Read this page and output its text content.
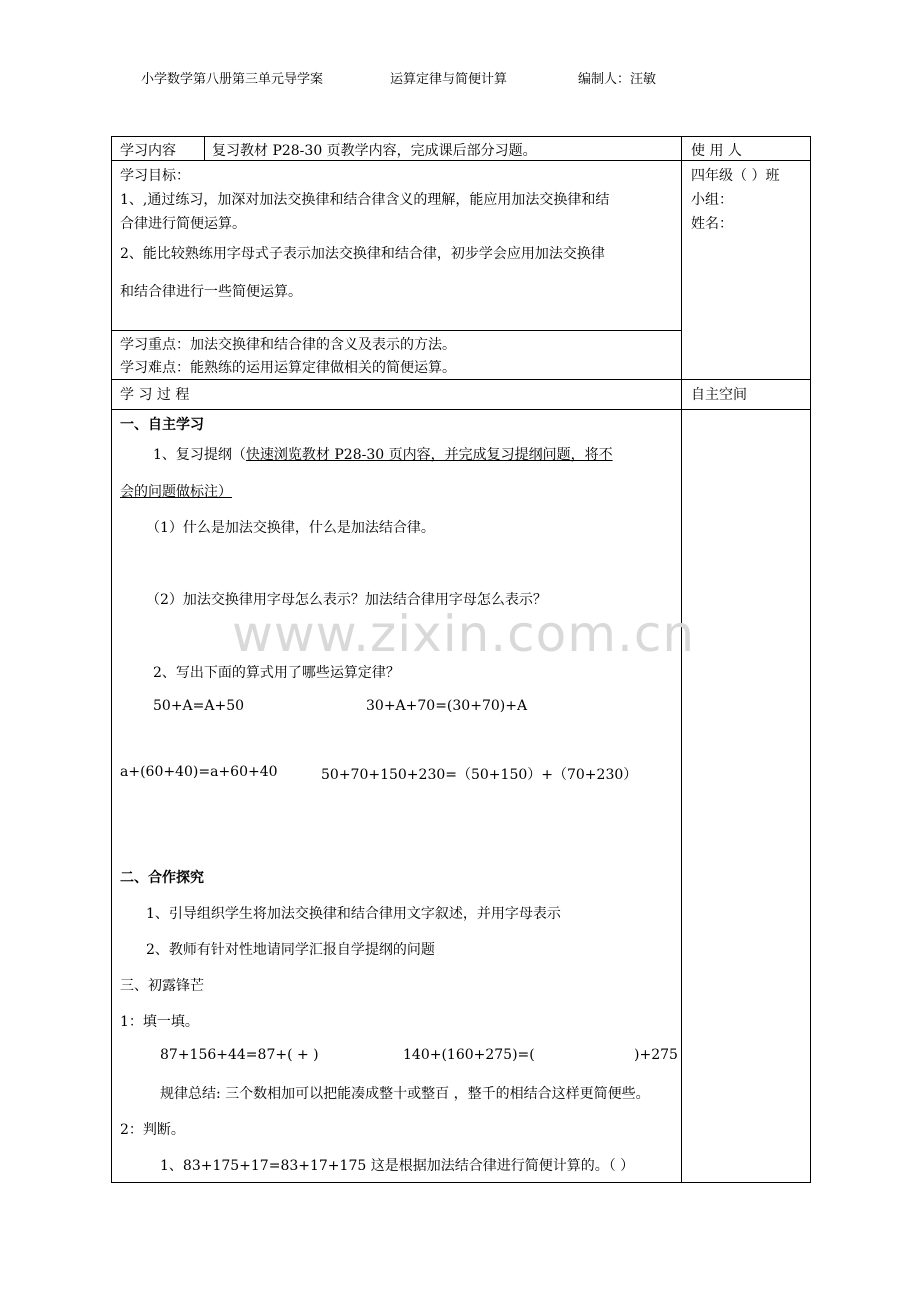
小学数学第八册第三单元导学案	运算定律与简便计算	编制人：汪敏
学习内容	复习教材 P28-30 页教学内容，完成课后部分习题。	使 用 人
学习目标：
1、,通过练习，加深对加法交换律和结合律含义的理解，能应用加法交换律和结
合律进行简便运算。
2、能比较熟练用字母式子表示加法交换律和结合律，初步学会应用加法交换律
和结合律进行一些简便运算。
四年级（ ）班
小组：
姓名：
学习重点：加法交换律和结合律的含义及表示的方法。
学习难点：能熟练的运用运算定律做相关的简便运算。
学 习 过 程	自主空间
www.zixin.com.cn
一、自主学习
1、复习提纲（快速浏览教材 P28-30 页内容，并完成复习提纲问题，将不
会的问题做标注）
（1）什么是加法交换律，什么是加法结合律。
（2）加法交换律用字母怎么表示？加法结合律用字母怎么表示？
2、写出下面的算式用了哪些运算定律？
50+A=A+50	30+A+70=(30+70)+A
a+(60+40)=a+60+40	50+70+150+230=（50+150）+（70+230）
二、合作探究
1、引导组织学生将加法交换律和结合律用文字叙述，并用字母表示
2、教师有针对性地请同学汇报自学提纲的问题
三、初露锋芒
1：填一填。
87+156+44=87+( + )	140+(160+275)=(	)+275
规律总结: 三个数相加可以把能凑成整十或整百 ，整千的相结合这样更简便些。
2：判断。
1、83+175+17=83+17+175 这是根据加法结合律进行简便计算的。（ ）
